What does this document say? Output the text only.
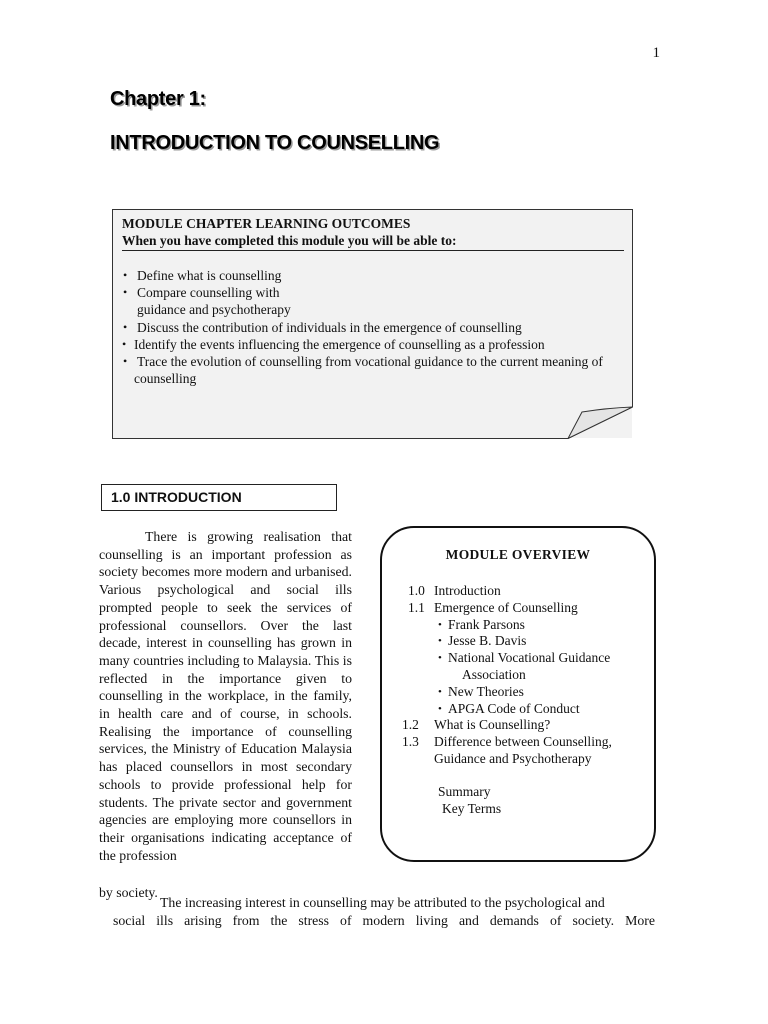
1
Chapter 1:
INTRODUCTION TO COUNSELLING
MODULE CHAPTER LEARNING OUTCOMES
When you have completed this module you will be able to:
• Define what is counselling
• Compare counselling with
guidance and psychotherapy
• Discuss the contribution of individuals in the emergence of counselling
• Identify the events influencing the emergence of counselling as a profession
• Trace the evolution of counselling from vocational guidance to the current meaning of
counselling
1.0 INTRODUCTION

There is growing realisation that counselling is an important profession as society becomes more modern and urbanised. Various psychological and social ills prompted people to seek the services of professional counsellors. Over the last decade, interest in counselling has grown in many countries including to Malaysia. This is reflected in the importance given to counselling in the workplace, in the family, in health care and of course, in schools. Realising the importance of counselling services, the Ministry of Education Malaysia has placed counsellors in most secondary schools to provide professional help for students. The private sector and government agencies are employing more counsellors in their organisations indicating acceptance of the profession

MODULE OVERVIEW
1.0 Introduction
1.1 Emergence of Counselling
• Frank Parsons
• Jesse B. Davis
• National Vocational Guidance
Association
• New Theories
• APGA Code of Conduct
1.2 What is Counselling?
1.3 Difference between Counselling,
Guidance and Psychotherapy
Summary
Key Terms
by society.
The increasing interest in counselling may be attributed to the psychological and
social ills arising from the stress of modern living and demands of society. More
